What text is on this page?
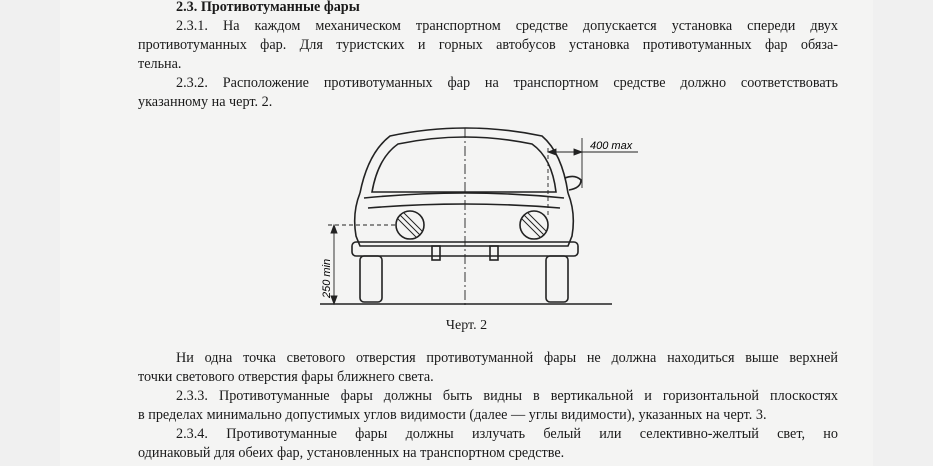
2.3. Противотуманные фары
2.3.1. На каждом механическом транспортном средстве допускается установка спереди двух
противотуманных фар. Для туристских и горных автобусов установка противотуманных фар обяза-
тельна.
2.3.2. Расположение противотуманных фар на транспортном средстве должно соответствовать
указанному на черт. 2.
400 max
250 min
Черт. 2
Ни одна точка светового отверстия противотуманной фары не должна находиться выше верхней
точки светового отверстия фары ближнего света.
2.3.3. Противотуманные фары должны быть видны в вертикальной и горизонтальной плоскостях
в пределах минимально допустимых углов видимости (далее — углы видимости), указанных на черт. 3.
2.3.4. Противотуманные фары должны излучать белый или селективно-желтый свет, но
одинаковый для обеих фар, установленных на транспортном средстве.
